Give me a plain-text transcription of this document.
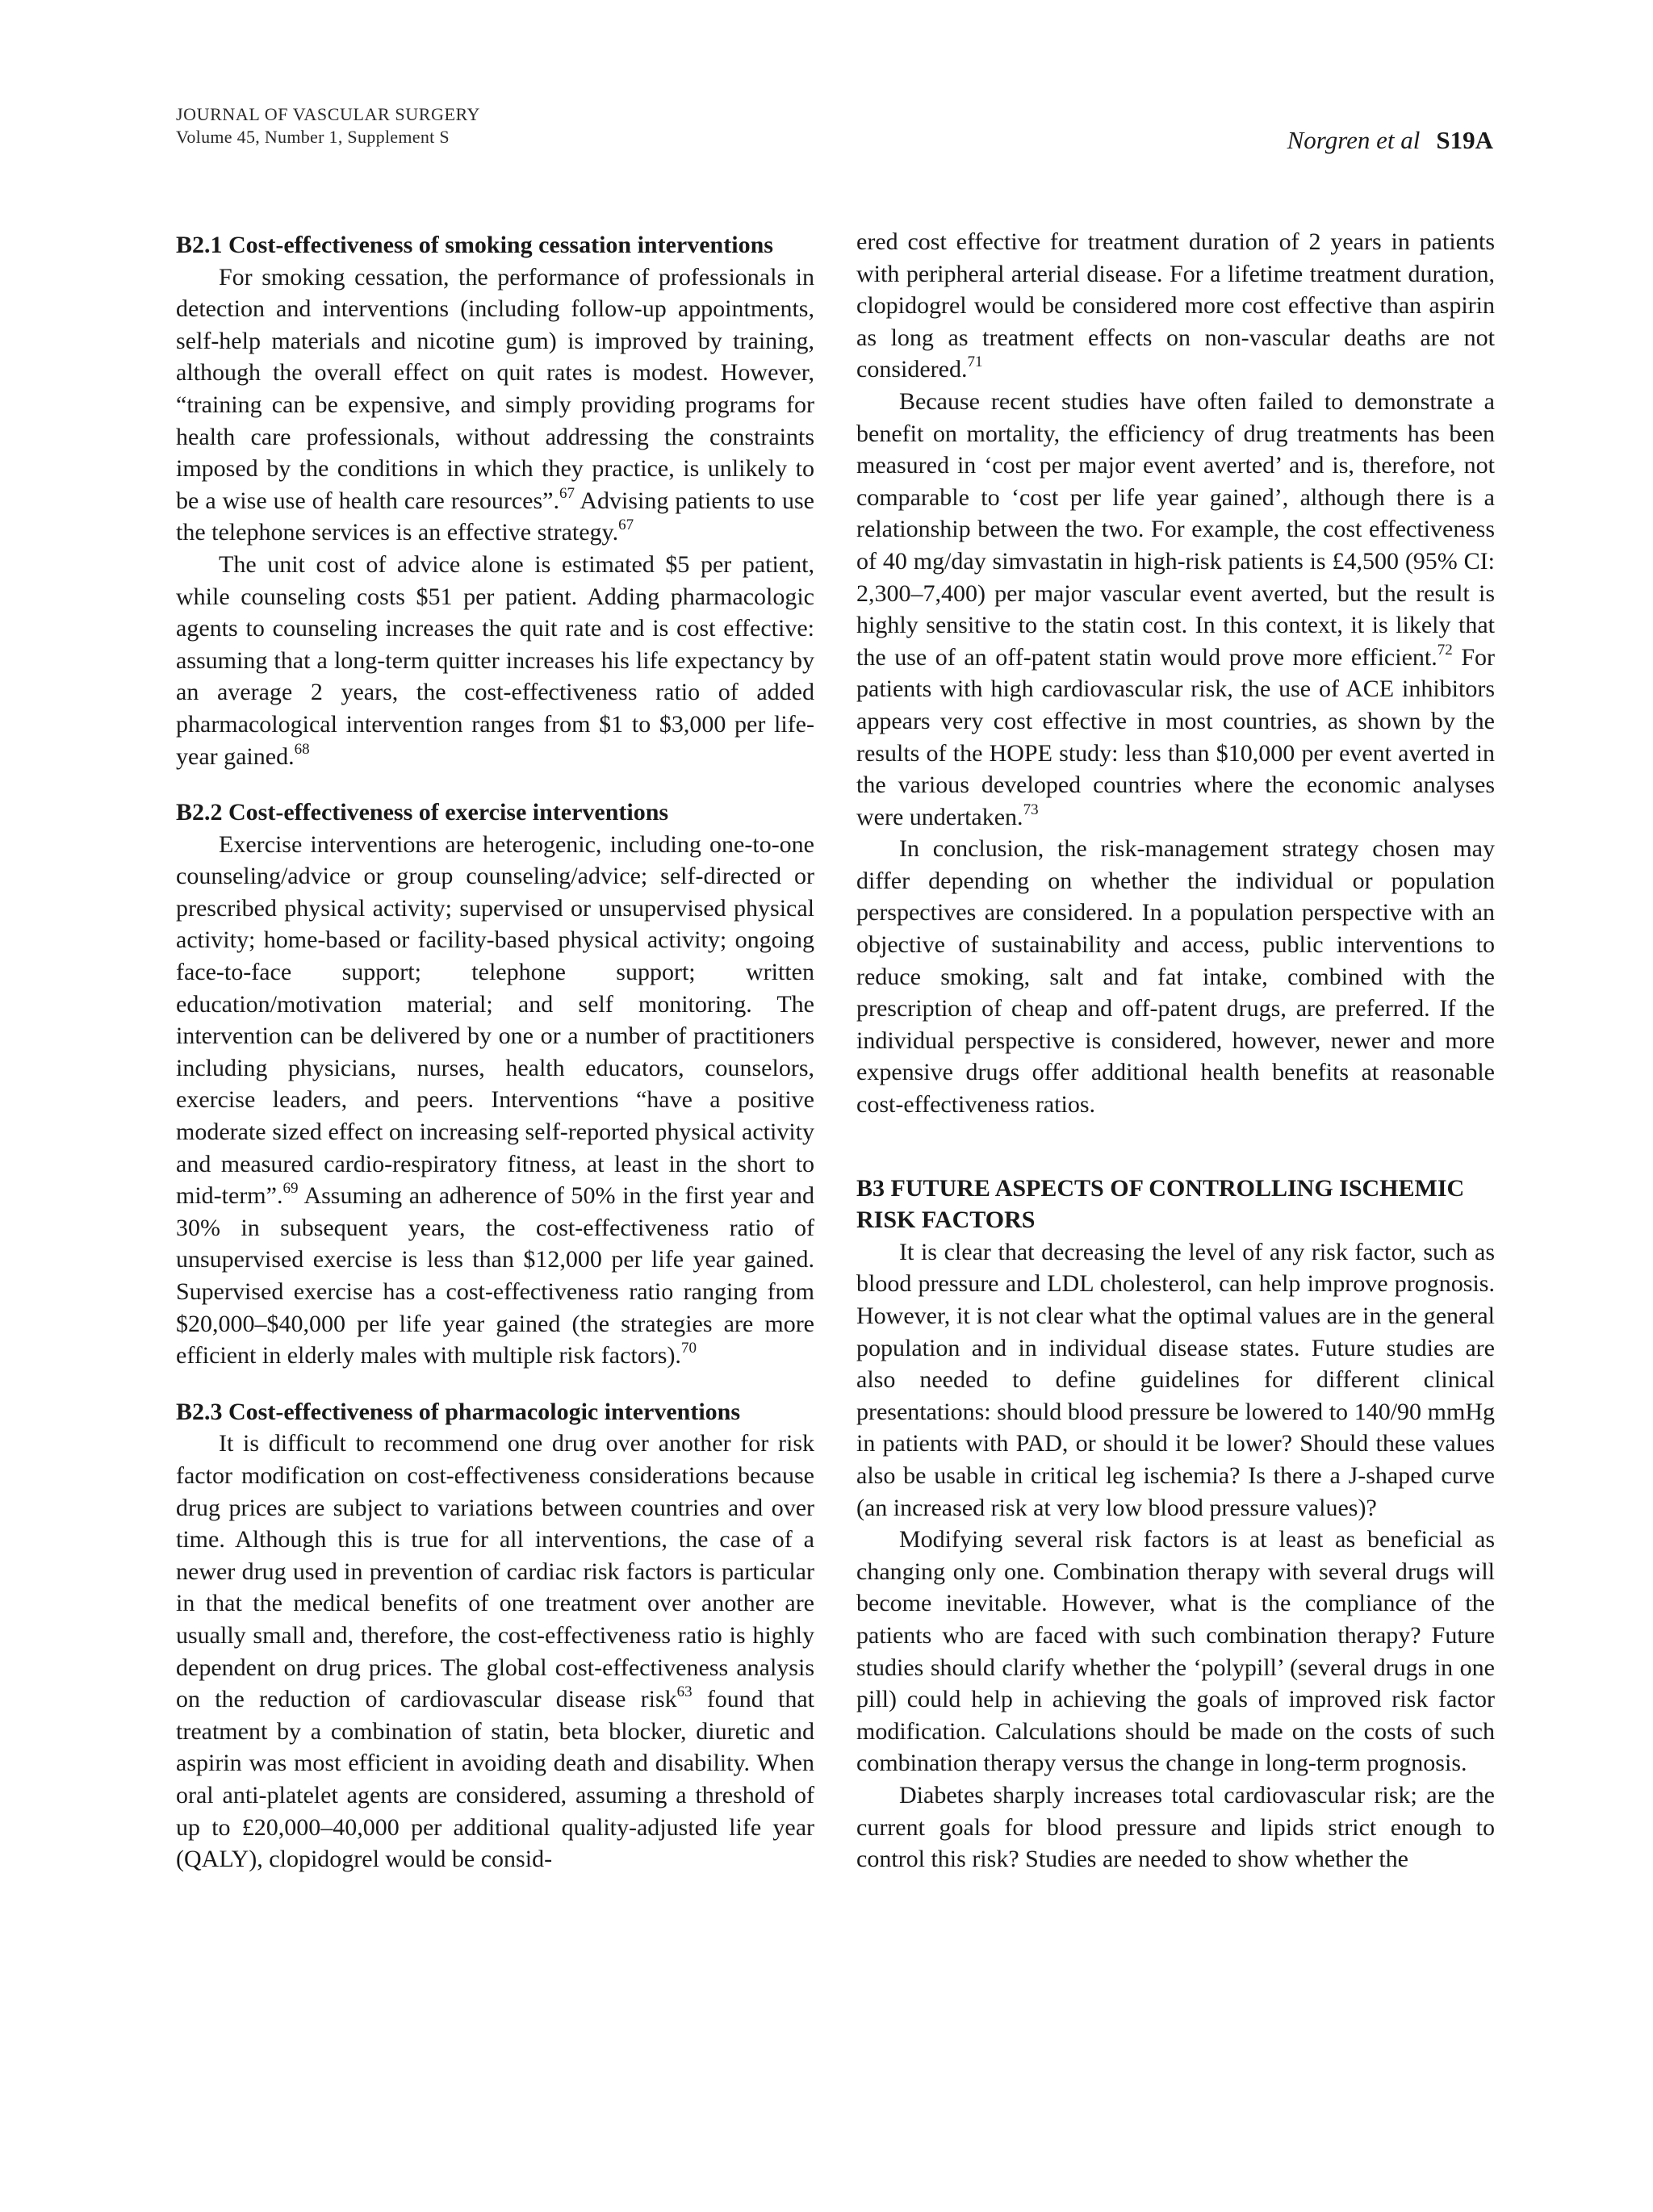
JOURNAL OF VASCULAR SURGERY
Volume 45, Number 1, Supplement S	Norgren et al S19A
B2.1 Cost-effectiveness of smoking cessation interventions

For smoking cessation, the performance of professionals in detection and interventions (including follow-up appointments, self-help materials and nicotine gum) is improved by training, although the overall effect on quit rates is modest. However, “training can be expensive, and simply providing programs for health care professionals, without addressing the constraints imposed by the conditions in which they practice, is unlikely to be a wise use of health care resources”.$^{67}$ Advising patients to use the telephone services is an effective strategy.$^{67}$

The unit cost of advice alone is estimated $5 per patient, while counseling costs $51 per patient. Adding pharmacologic agents to counseling increases the quit rate and is cost effective: assuming that a long-term quitter increases his life expectancy by an average 2 years, the cost-effectiveness ratio of added pharmacological intervention ranges from $1 to $3,000 per life-year gained.$^{68}$

B2.2 Cost-effectiveness of exercise interventions

Exercise interventions are heterogenic, including one-to-one counseling/advice or group counseling/advice; self-directed or prescribed physical activity; supervised or unsupervised physical activity; home-based or facility-based physical activity; ongoing face-to-face support; telephone support; written education/motivation material; and self monitoring. The intervention can be delivered by one or a number of practitioners including physicians, nurses, health educators, counselors, exercise leaders, and peers. Interventions “have a positive moderate sized effect on increasing self-reported physical activity and measured cardio-respiratory fitness, at least in the short to mid-term”.$^{69}$ Assuming an adherence of 50% in the first year and 30% in subsequent years, the cost-effectiveness ratio of unsupervised exercise is less than $12,000 per life year gained. Supervised exercise has a cost-effectiveness ratio ranging from $20,000–$40,000 per life year gained (the strategies are more efficient in elderly males with multiple risk factors).$^{70}$

B2.3 Cost-effectiveness of pharmacologic interventions

It is difficult to recommend one drug over another for risk factor modification on cost-effectiveness considerations because drug prices are subject to variations between countries and over time. Although this is true for all interventions, the case of a newer drug used in prevention of cardiac risk factors is particular in that the medical benefits of one treatment over another are usually small and, therefore, the cost-effectiveness ratio is highly dependent on drug prices. The global cost-effectiveness analysis on the reduction of cardiovascular disease risk$^{63}$ found that treatment by a combination of statin, beta blocker, diuretic and aspirin was most efficient in avoiding death and disability. When oral anti-platelet agents are considered, assuming a threshold of up to £20,000–40,000 per additional quality-adjusted life year (QALY), clopidogrel would be consid-

ered cost effective for treatment duration of 2 years in patients with peripheral arterial disease. For a lifetime treatment duration, clopidogrel would be considered more cost effective than aspirin as long as treatment effects on non-vascular deaths are not considered.$^{71}$

Because recent studies have often failed to demonstrate a benefit on mortality, the efficiency of drug treatments has been measured in ‘cost per major event averted’ and is, therefore, not comparable to ‘cost per life year gained’, although there is a relationship between the two. For example, the cost effectiveness of 40 mg/day simvastatin in high-risk patients is £4,500 (95% CI: 2,300–7,400) per major vascular event averted, but the result is highly sensitive to the statin cost. In this context, it is likely that the use of an off-patent statin would prove more efficient.$^{72}$ For patients with high cardiovascular risk, the use of ACE inhibitors appears very cost effective in most countries, as shown by the results of the HOPE study: less than $10,000 per event averted in the various developed countries where the economic analyses were undertaken.$^{73}$

In conclusion, the risk-management strategy chosen may differ depending on whether the individual or population perspectives are considered. In a population perspective with an objective of sustainability and access, public interventions to reduce smoking, salt and fat intake, combined with the prescription of cheap and off-patent drugs, are preferred. If the individual perspective is considered, however, newer and more expensive drugs offer additional health benefits at reasonable cost-effectiveness ratios.

B3 FUTURE ASPECTS OF CONTROLLING ISCHEMIC RISK FACTORS

It is clear that decreasing the level of any risk factor, such as blood pressure and LDL cholesterol, can help improve prognosis. However, it is not clear what the optimal values are in the general population and in individual disease states. Future studies are also needed to define guidelines for different clinical presentations: should blood pressure be lowered to 140/90 mmHg in patients with PAD, or should it be lower? Should these values also be usable in critical leg ischemia? Is there a J-shaped curve (an increased risk at very low blood pressure values)?

Modifying several risk factors is at least as beneficial as changing only one. Combination therapy with several drugs will become inevitable. However, what is the compliance of the patients who are faced with such combination therapy? Future studies should clarify whether the ‘polypill’ (several drugs in one pill) could help in achieving the goals of improved risk factor modification. Calculations should be made on the costs of such combination therapy versus the change in long-term prognosis.

Diabetes sharply increases total cardiovascular risk; are the current goals for blood pressure and lipids strict enough to control this risk? Studies are needed to show whether the
